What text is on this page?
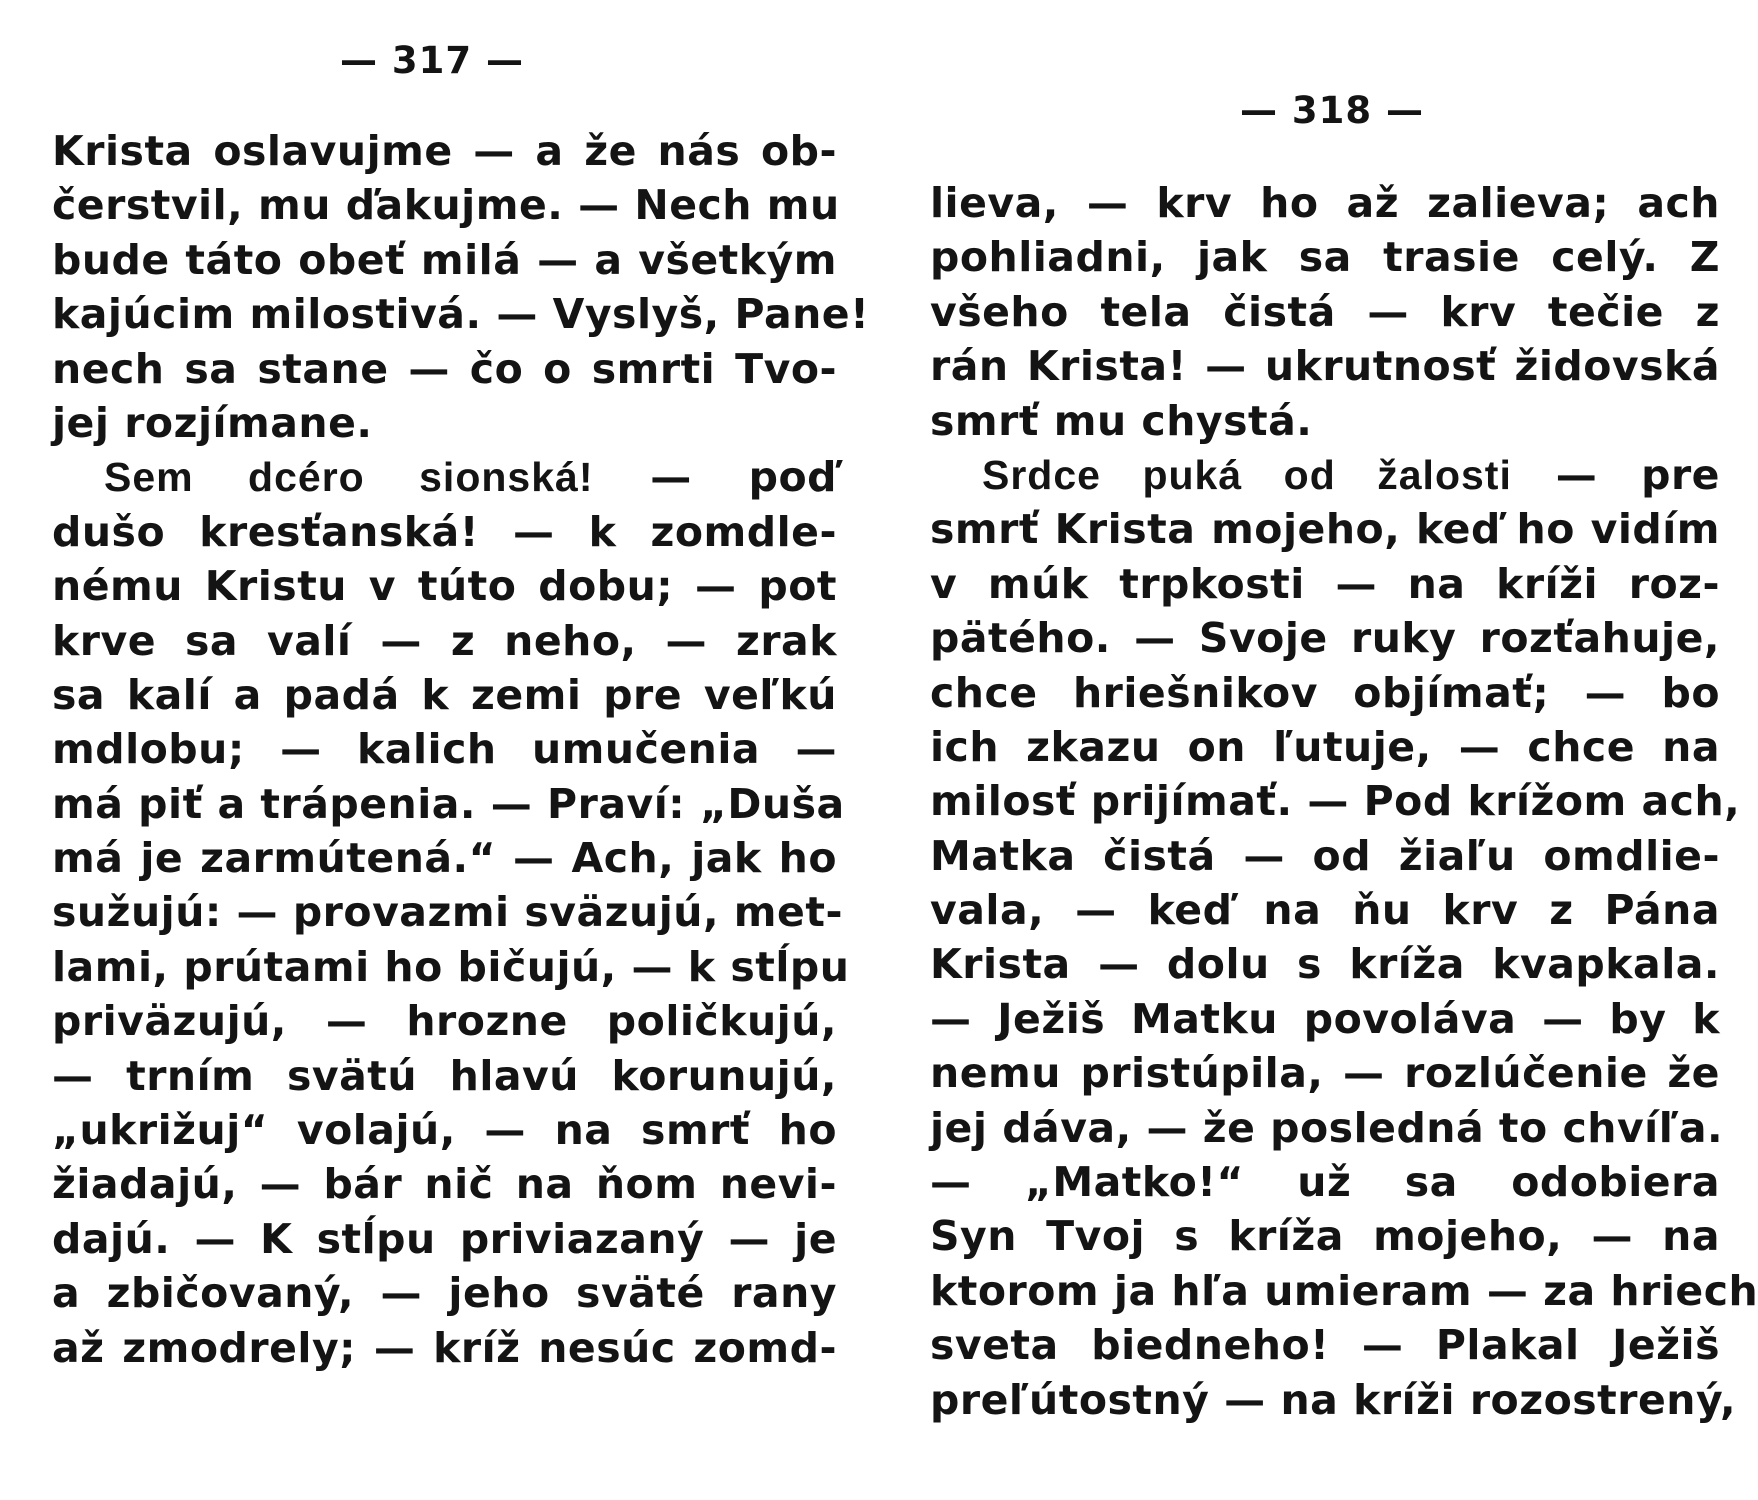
— 317 —
Krista oslavujme — a že nás ob-
čerstvil, mu ďakujme. — Nech mu
bude táto obeť milá — a všetkým
kajúcim milostivá. — Vyslyš, Pane!
nech sa stane — čo o smrti Tvo-
jej rozjímane.
Sem dcéro sionská! — poď
dušo kresťanská! — k zomdle-
nému Kristu v túto dobu; — pot
krve sa valí — z neho, — zrak
sa kalí a padá k zemi pre veľkú
mdlobu; — kalich umučenia —
má piť a trápenia. — Praví: „Duša
má je zarmútená.“ — Ach, jak ho
sužujú: — provazmi sväzujú, met-
lami, prútami ho bičujú, — k stĺpu
priväzujú, — hrozne poličkujú,
— trním svätú hlavú korunujú,
„ukrižuj“ volajú, — na smrť ho
žiadajú, — bár nič na ňom nevi-
dajú. — K stĺpu priviazaný — je
a zbičovaný, — jeho sväté rany
až zmodrely; — kríž nesúc zomd-
— 318 —
lieva, — krv ho až zalieva; ach
pohliadni, jak sa trasie celý. Z
všeho tela čistá — krv tečie z
rán Krista! — ukrutnosť židovská
smrť mu chystá.
Srdce puká od žalosti — pre
smrť Krista mojeho, keď ho vidím
v múk trpkosti — na kríži roz-
pätého. — Svoje ruky rozťahuje,
chce hriešnikov objímať; — bo
ich zkazu on ľutuje, — chce na
milosť prijímať. — Pod krížom ach,
Matka čistá — od žiaľu omdlie-
vala, — keď na ňu krv z Pána
Krista — dolu s kríža kvapkala.
— Ježiš Matku povoláva — by k
nemu pristúpila, — rozlúčenie že
jej dáva, — že posledná to chvíľa.
— „Matko!“ už sa odobiera
Syn Tvoj s kríža mojeho, — na
ktorom ja hľa umieram — za hriech
sveta biedneho! — Plakal Ježiš
preľútostný — na kríži rozostrený,
